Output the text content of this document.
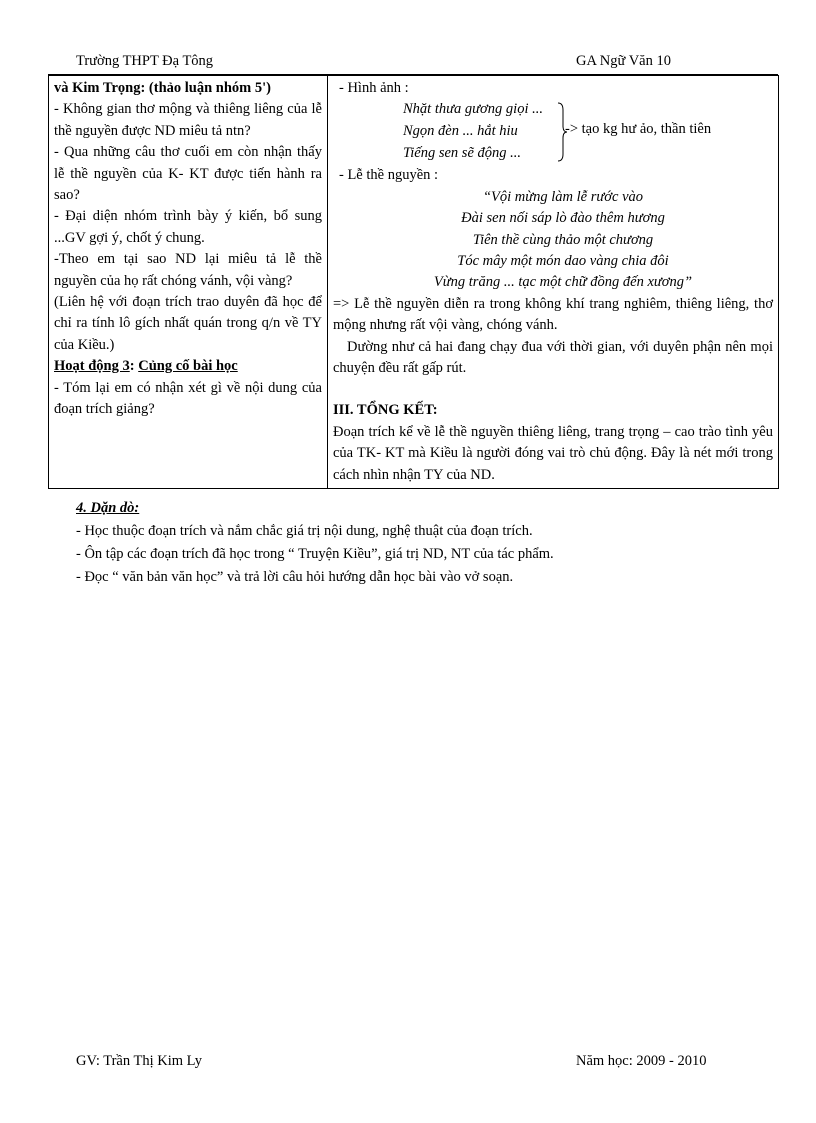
Trường THPT Đạ Tông	GA Ngữ Văn 10

và Kim Trọng: (thảo luận nhóm 5')

- Không gian thơ mộng và thiêng liêng của lễ thề nguyền được ND miêu tả ntn?

- Qua những câu thơ cuối em còn nhận thấy lễ thề nguyền của K- KT được tiến hành ra sao?

- Đại diện nhóm trình bày ý kiến, bổ sung ...GV gợi ý, chốt ý chung.

-Theo em tại sao ND lại miêu tả lễ thề nguyền của họ rất chóng vánh, vội vàng?

(Liên hệ với đoạn trích trao duyên đã học để chỉ ra tính lô gích nhất quán trong q/n về TY của Kiều.)

Hoạt động 3: Củng cố bài học

- Tóm lại em có nhận xét gì về nội dung của đoạn trích giảng?

- Hình ảnh :

Nhặt thưa gương giọi ...
Ngọn đèn ... hắt hiu
Tiếng sen sẽ động ...
-> tạo kg hư ảo, thần tiên

- Lễ thề nguyền :

“Vội mừng làm lễ rước vào

Đài sen nối sáp lò đào thêm hương

Tiên thề cùng thảo một chương

Tóc mây một món dao vàng chia đôi

Vừng trăng ... tạc một chữ đồng đến xương”

=> Lễ thề nguyền diễn ra trong không khí trang nghiêm, thiêng liêng, thơ mộng nhưng rất vội vàng, chóng vánh.

Dường như cả hai đang chạy đua với thời gian, với duyên phận nên mọi chuyện đều rất gấp rút.

III. TỔNG KẾT:

Đoạn trích kể về lễ thề nguyền thiêng liêng, trang trọng – cao trào tình yêu của TK- KT mà Kiều là người đóng vai trò chủ động. Đây là nét mới trong cách nhìn nhận TY của ND.

4. Dặn dò:
- Học thuộc đoạn trích và nắm chắc giá trị nội dung, nghệ thuật của đoạn trích.
- Ôn tập các đoạn trích đã học trong “ Truyện Kiều”, giá trị ND, NT của tác phẩm.
- Đọc “ văn bản văn học” và trả lời câu hỏi hướng dẫn học bài vào vở soạn.
GV: Trần Thị Kim Ly	Năm học: 2009 - 2010
